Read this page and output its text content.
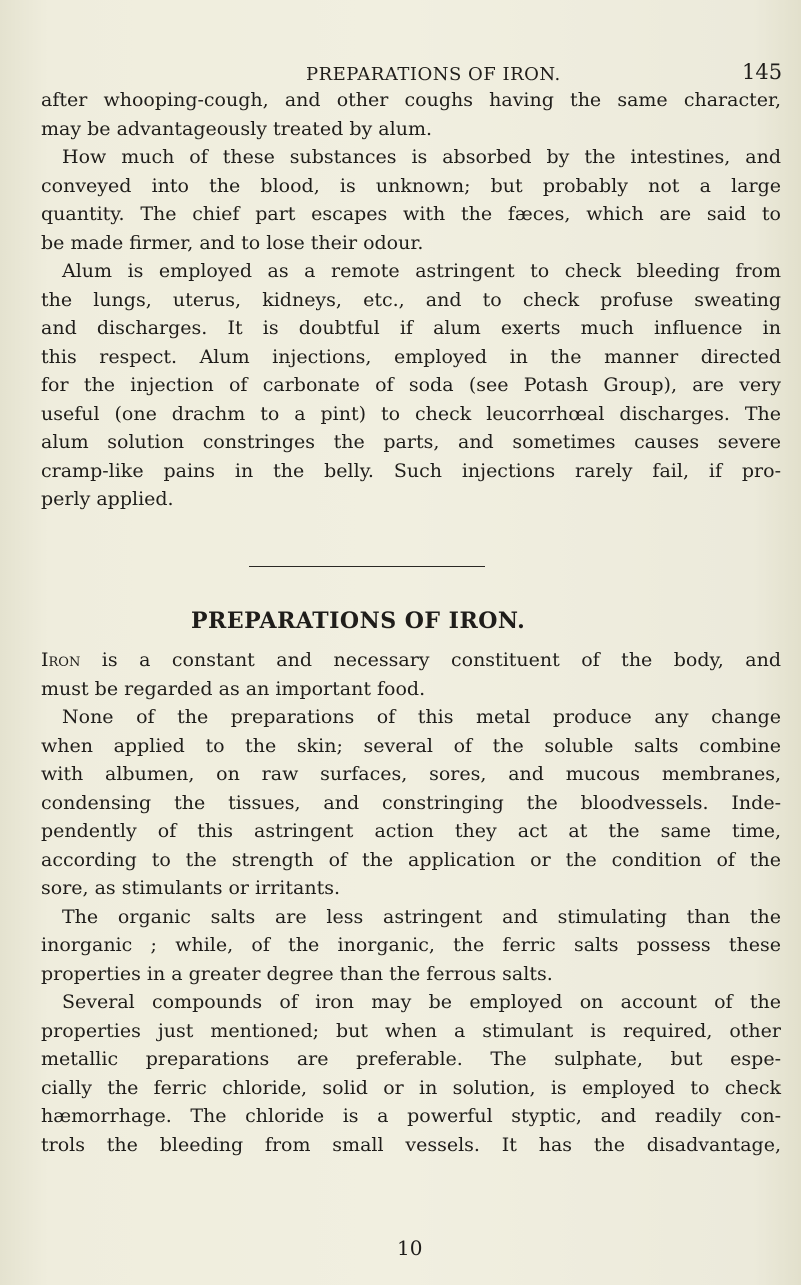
PREPARATIONS OF IRON.	145
after whooping-cough, and other coughs having the same character,
may be advantageously treated by alum.
How much of these substances is absorbed by the intestines, and
conveyed into the blood, is unknown; but probably not a large
quantity. The chief part escapes with the fæces, which are said to
be made firmer, and to lose their odour.
Alum is employed as a remote astringent to check bleeding from
the lungs, uterus, kidneys, etc., and to check profuse sweating
and discharges. It is doubtful if alum exerts much influence in
this respect. Alum injections, employed in the manner directed
for the injection of carbonate of soda (see Potash Group), are very
useful (one drachm to a pint) to check leucorrhœal discharges. The
alum solution constringes the parts, and sometimes causes severe
cramp-like pains in the belly. Such injections rarely fail, if pro-
perly applied.
PREPARATIONS OF IRON.
Iron is a constant and necessary constituent of the body, and
must be regarded as an important food.
None of the preparations of this metal produce any change
when applied to the skin; several of the soluble salts combine
with albumen, on raw surfaces, sores, and mucous membranes,
condensing the tissues, and constringing the bloodvessels. Inde-
pendently of this astringent action they act at the same time,
according to the strength of the application or the condition of the
sore, as stimulants or irritants.
The organic salts are less astringent and stimulating than the
inorganic ; while, of the inorganic, the ferric salts possess these
properties in a greater degree than the ferrous salts.
Several compounds of iron may be employed on account of the
properties just mentioned; but when a stimulant is required, other
metallic preparations are preferable. The sulphate, but espe-
cially the ferric chloride, solid or in solution, is employed to check
hæmorrhage. The chloride is a powerful styptic, and readily con-
trols the bleeding from small vessels. It has the disadvantage,
10
